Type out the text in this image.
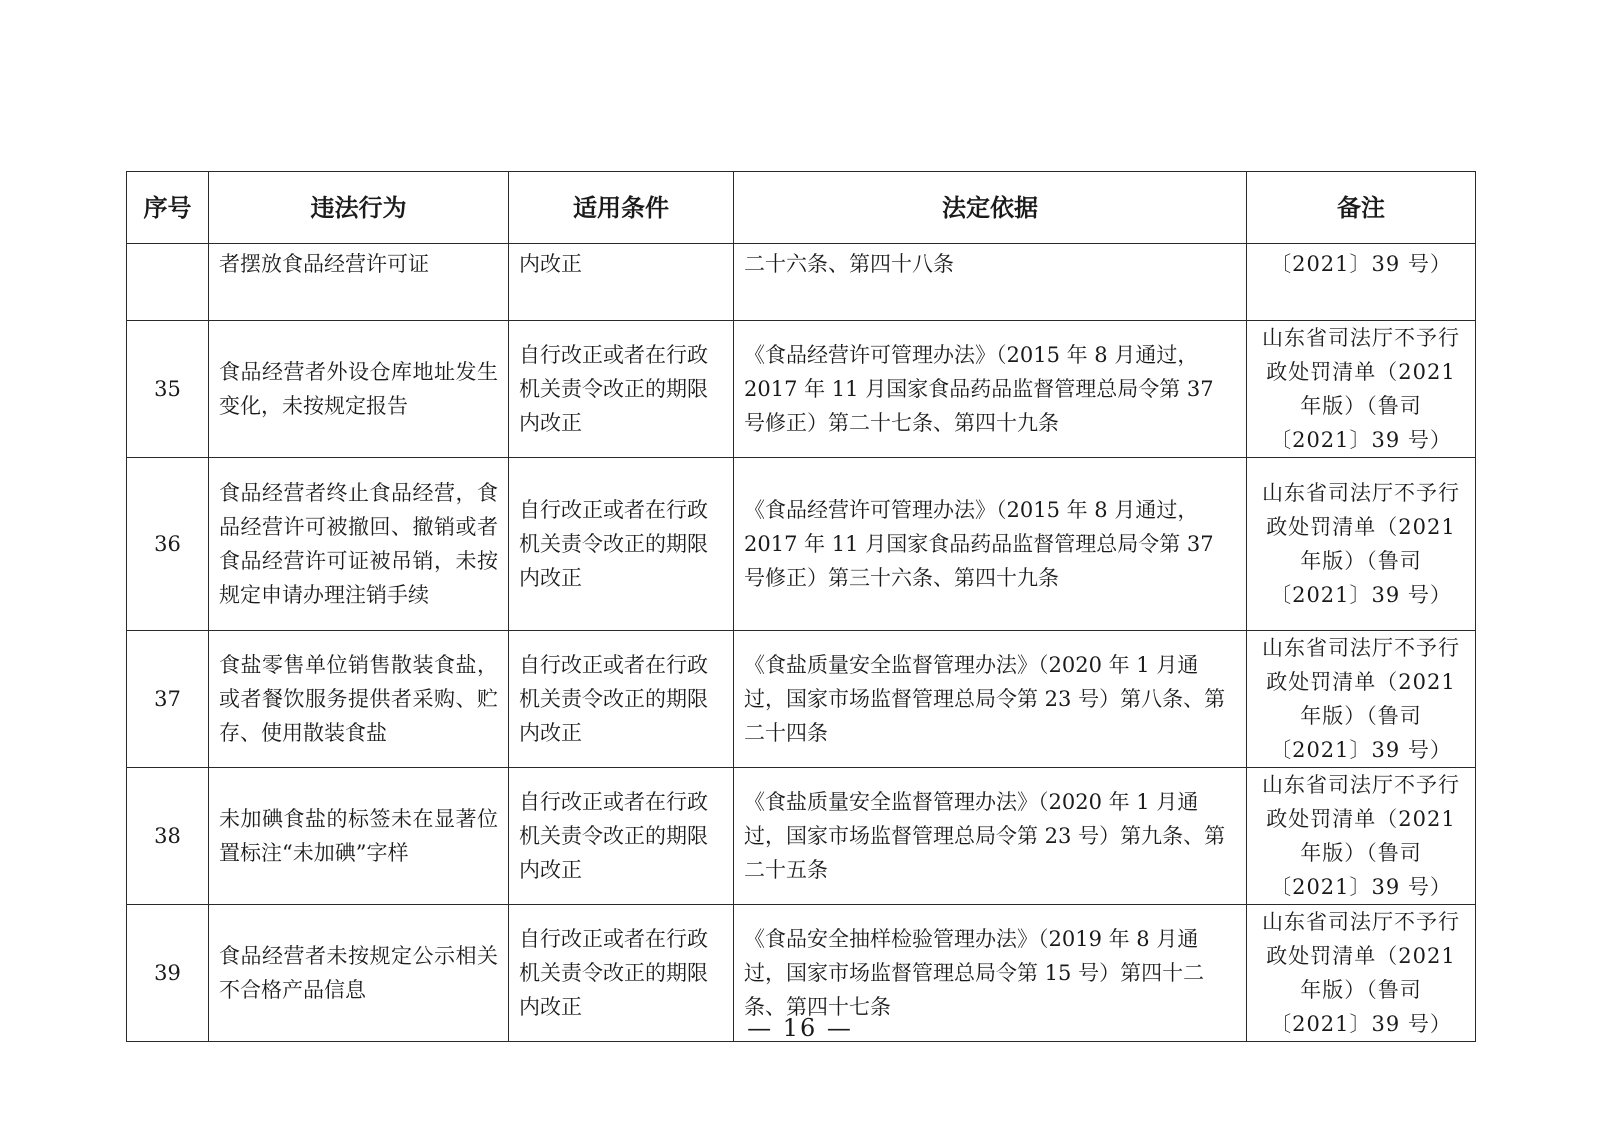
序号	违法行为	适用条件	法定依据	备注
	者摆放食品经营许可证	内改正	二十六条、第四十八条	〔2021〕39 号）
35	食品经营者外设仓库地址发生变化，未按规定报告	自行改正或者在行政机关责令改正的期限内改正	《食品经营许可管理办法》（2015 年 8 月通过，2017 年 11 月国家食品药品监督管理总局令第 37 号修正）第二十七条、第四十九条	山东省司法厅不予行政处罚清单（2021 年版）（鲁司〔2021〕39 号）
36	食品经营者终止食品经营，食品经营许可被撤回、撤销或者食品经营许可证被吊销，未按规定申请办理注销手续	自行改正或者在行政机关责令改正的期限内改正	《食品经营许可管理办法》（2015 年 8 月通过，2017 年 11 月国家食品药品监督管理总局令第 37 号修正）第三十六条、第四十九条	山东省司法厅不予行政处罚清单（2021 年版）（鲁司〔2021〕39 号）
37	食盐零售单位销售散装食盐，或者餐饮服务提供者采购、贮存、使用散装食盐	自行改正或者在行政机关责令改正的期限内改正	《食盐质量安全监督管理办法》（2020 年 1 月通过，国家市场监督管理总局令第 23 号）第八条、第二十四条	山东省司法厅不予行政处罚清单（2021 年版）（鲁司〔2021〕39 号）
38	未加碘食盐的标签未在显著位置标注“未加碘”字样	自行改正或者在行政机关责令改正的期限内改正	《食盐质量安全监督管理办法》（2020 年 1 月通过，国家市场监督管理总局令第 23 号）第九条、第二十五条	山东省司法厅不予行政处罚清单（2021 年版）（鲁司〔2021〕39 号）
39	食品经营者未按规定公示相关不合格产品信息	自行改正或者在行政机关责令改正的期限内改正	《食品安全抽样检验管理办法》（2019 年 8 月通过，国家市场监督管理总局令第 15 号）第四十二条、第四十七条	山东省司法厅不予行政处罚清单（2021 年版）（鲁司〔2021〕39 号）
— 16 —
